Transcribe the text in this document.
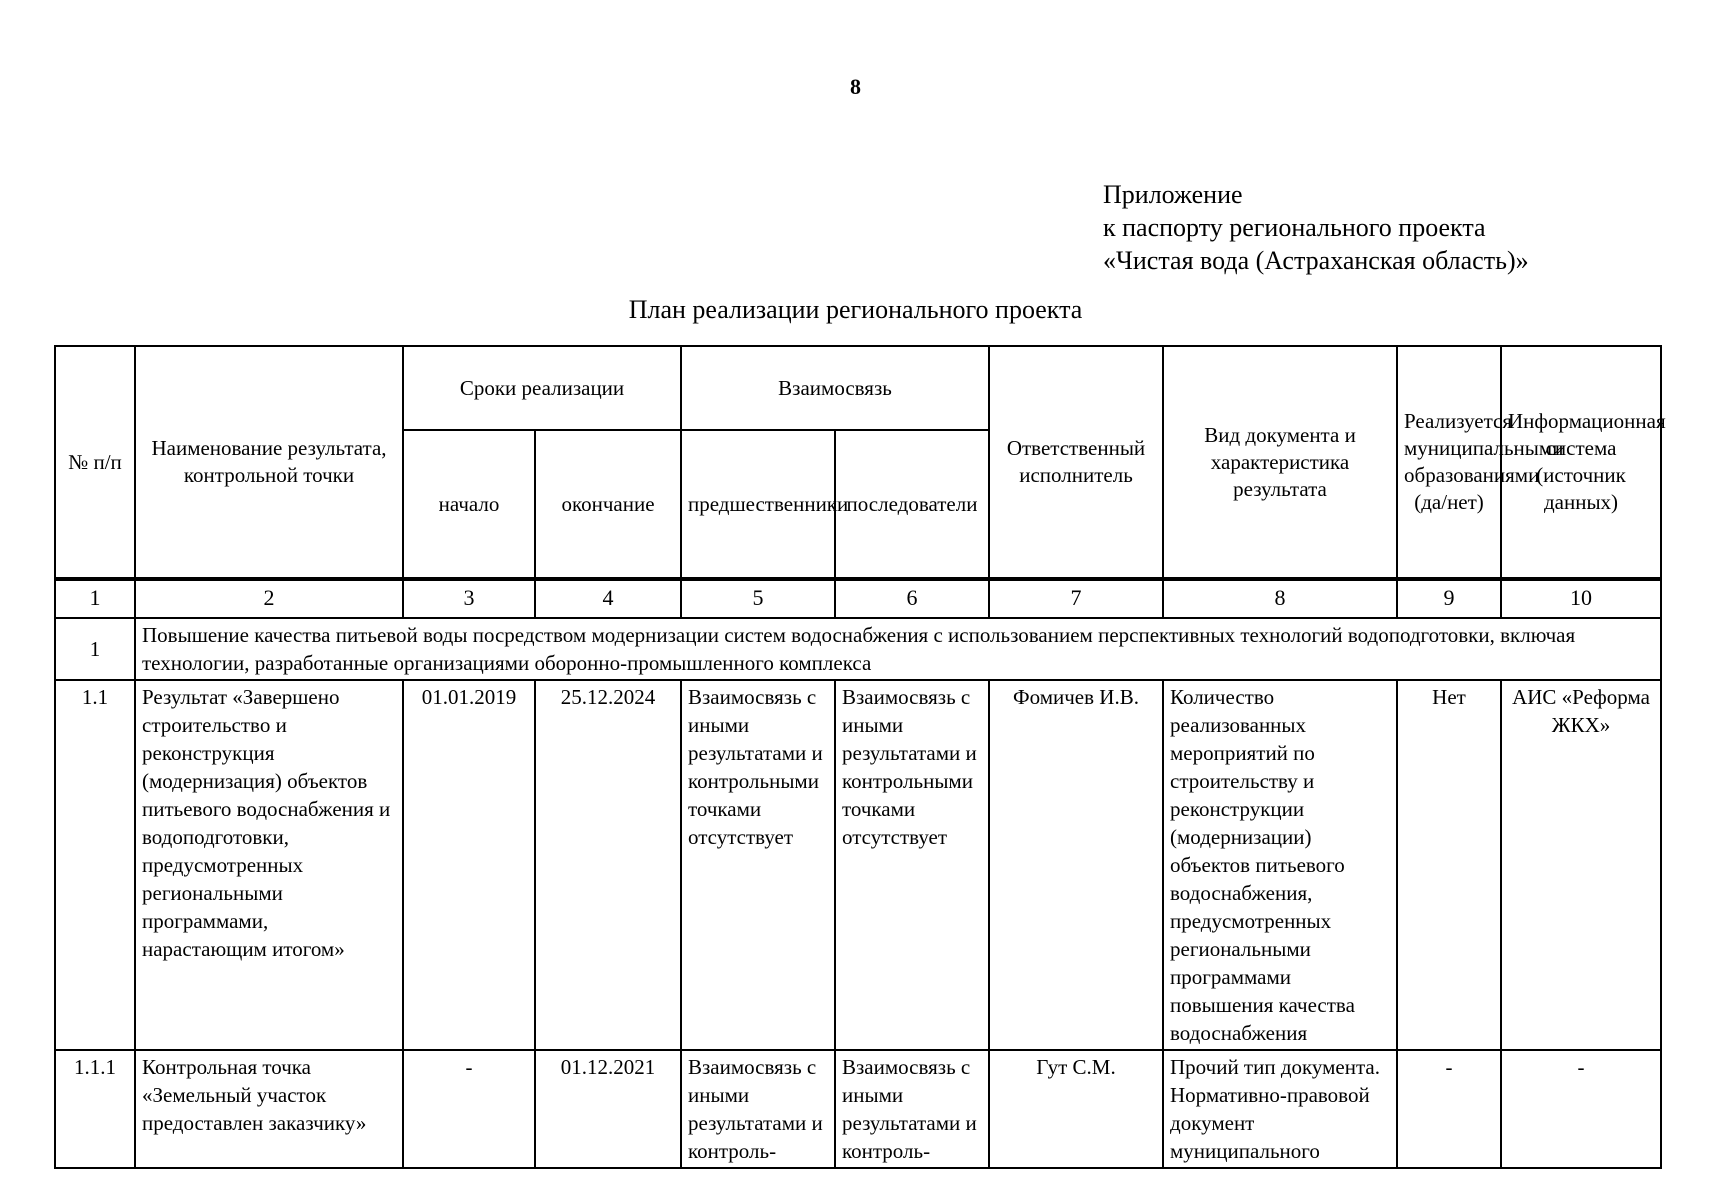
8
Приложение
к паспорту регионального проекта
«Чистая вода (Астраханская область)»
План реализации регионального проекта
№ п/п	Наименование результата, контрольной точки	Сроки реализации		Взаимосвязь		Ответственный исполнитель	Вид документа и характеристика результата	Реализуется муниципальными образованиями (да/нет)	Информационная система (источник данных)
		начало	окончание	предшественники	последователи				

1	2	3	4	5	6	7	8	9	10
1	Повышение качества питьевой воды посредством модернизации систем водоснабжения с использованием перспективных технологий водоподготовки, включая технологии, разработанные организациями оборонно-промышленного комплекса								
1.1	Результат «Завершено строительство и реконструкция (модернизация) объектов питьевого водоснабжения и водоподготовки, предусмотренных региональными программами, нарастающим итогом»	01.01.2019	25.12.2024	Взаимосвязь с иными результатами и контрольными точками отсутствует	Взаимосвязь с иными результатами и контрольными точками отсутствует	Фомичев И.В.	Количество реализованных мероприятий по строительству и реконструкции (модернизации) объектов питьевого водоснабжения, предусмотренных региональными программами повышения качества водоснабжения	Нет	АИС «Реформа ЖКХ»
1.1.1	Контрольная точка «Земельный участок предоставлен заказчику»	-	01.12.2021	Взаимосвязь с иными результатами и контроль-	Взаимосвязь с иными результатами и контроль-	Гут С.М.	Прочий тип документа. Нормативно-правовой документ муниципального	-	-
